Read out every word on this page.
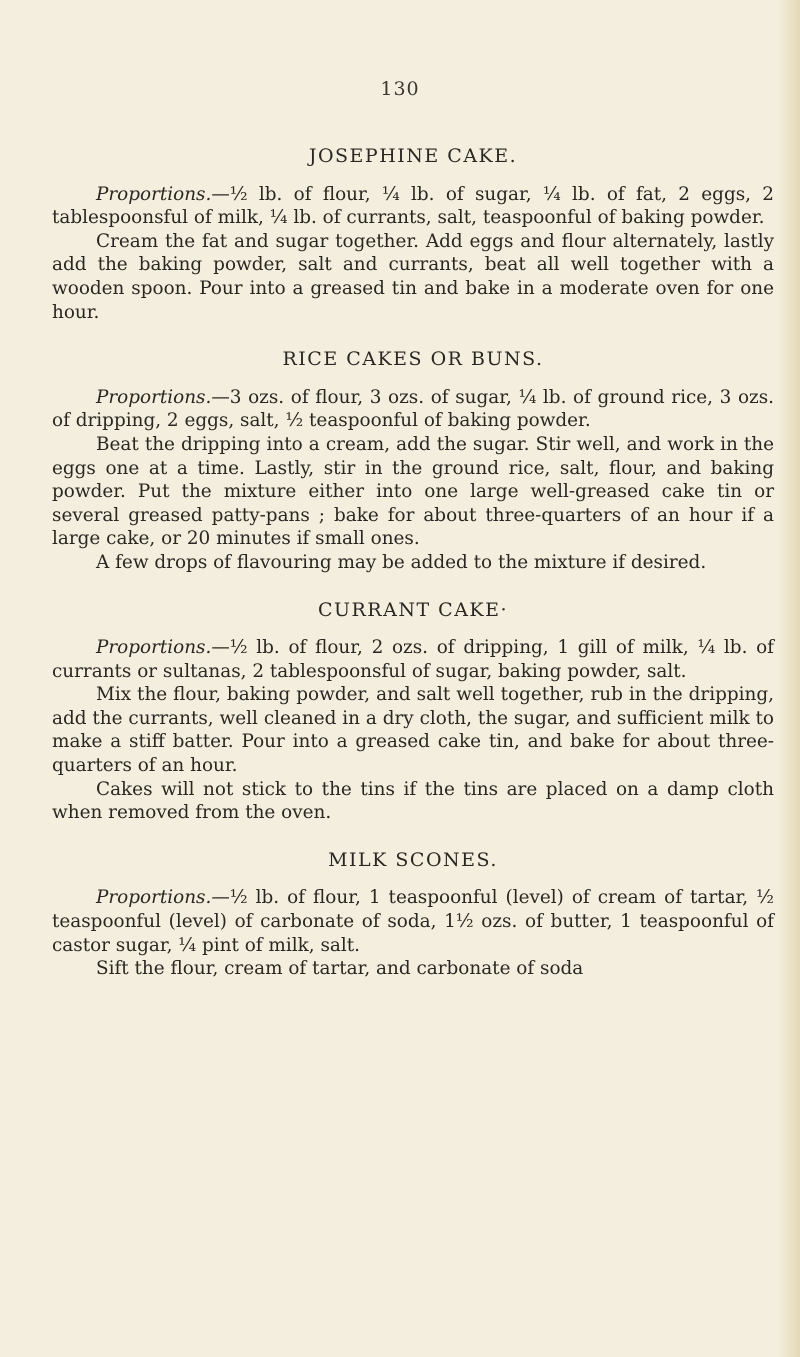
130
JOSEPHINE CAKE.

Proportions.—½ lb. of flour, ¼ lb. of sugar, ¼ lb. of fat, 2 eggs, 2 tablespoonsful of milk, ¼ lb. of currants, salt, teaspoonful of baking powder.

Cream the fat and sugar together. Add eggs and flour alternately, lastly add the baking powder, salt and currants, beat all well together with a wooden spoon. Pour into a greased tin and bake in a moderate oven for one hour.

RICE CAKES OR BUNS.

Proportions.—3 ozs. of flour, 3 ozs. of sugar, ¼ lb. of ground rice, 3 ozs. of dripping, 2 eggs, salt, ½ teaspoonful of baking powder.

Beat the dripping into a cream, add the sugar. Stir well, and work in the eggs one at a time. Lastly, stir in the ground rice, salt, flour, and baking powder. Put the mixture either into one large well-greased cake tin or several greased patty-pans ; bake for about three-quarters of an hour if a large cake, or 20 minutes if small ones.

A few drops of flavouring may be added to the mixture if desired.

CURRANT CAKE·

Proportions.—½ lb. of flour, 2 ozs. of dripping, 1 gill of milk, ¼ lb. of currants or sultanas, 2 tablespoonsful of sugar, baking powder, salt.

Mix the flour, baking powder, and salt well together, rub in the dripping, add the currants, well cleaned in a dry cloth, the sugar, and sufficient milk to make a stiff batter. Pour into a greased cake tin, and bake for about three-quarters of an hour.

Cakes will not stick to the tins if the tins are placed on a damp cloth when removed from the oven.

MILK SCONES.

Proportions.—½ lb. of flour, 1 teaspoonful (level) of cream of tartar, ½ teaspoonful (level) of carbonate of soda, 1½ ozs. of butter, 1 teaspoonful of castor sugar, ¼ pint of milk, salt.

Sift the flour, cream of tartar, and carbonate of soda
